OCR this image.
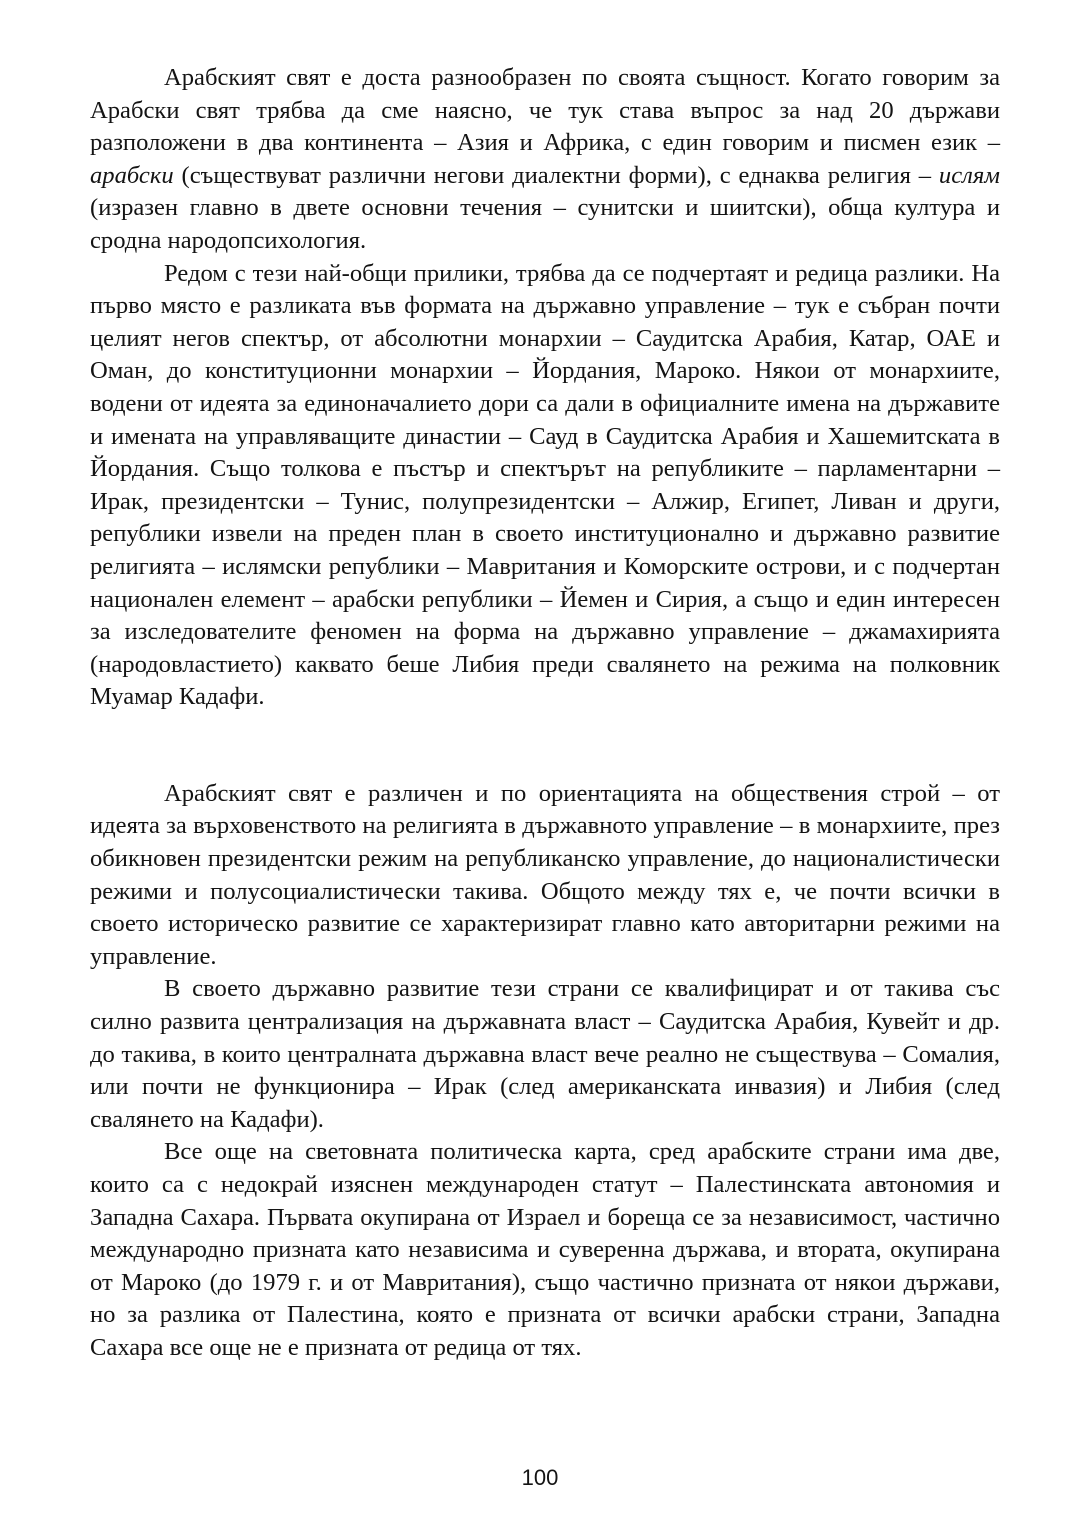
Арабският свят е доста разнообразен по своята същност. Когато говорим за Арабски свят трябва да сме наясно, че тук става въпрос за над 20 държави разположени в два континента – Азия и Африка, с един говорим и писмен език – арабски (съществуват различни негови диалектни форми), с еднаква религия – ислям (изразен главно в двете основни течения – сунитски и шиитски), обща култура и сродна народопсихология.

Редом с тези най-общи прилики, трябва да се подчертаят и редица разлики. На първо място е разликата във формата на държавно управление – тук е събран почти целият негов спектър, от абсолютни монархии – Саудитска Арабия, Катар, ОАЕ и Оман, до конституционни монархии – Йордания, Мароко. Някои от монархиите, водени от идеята за единоначалието дори са дали в официалните имена на държавите и имената на управляващите династии – Сауд в Саудитска Арабия и Хашемитската в Йордания. Също толкова е пъстър и спектърът на републиките – парламентарни – Ирак, президентски – Тунис, полупрезидентски – Алжир, Египет, Ливан и други, републики извели на преден план в своето институционално и държавно развитие религията – ислямски републики – Мавритания и Коморските острови, и с подчертан национален елемент – арабски републики – Йемен и Сирия, а също и един интересен за изследователите феномен на форма на държавно управление – джамахирията (народовластието) каквато беше Либия преди свалянето на режима на полковник Муамар Кадафи.

Арабският свят е различен и по ориентацията на обществения строй – от идеята за върховенството на религията в държавното управление – в монархиите, през обикновен президентски режим на републиканско управление, до националистически режими и полусоциалистически такива. Общото между тях е, че почти всички в своето историческо развитие се характеризират главно като авторитарни режими на управление.

В своето държавно развитие тези страни се квалифицират и от такива със силно развита централизация на държавната власт – Саудитска Арабия, Кувейт и др. до такива, в които централната държавна власт вече реално не съществува – Сомалия, или почти не функционира – Ирак (след американската инвазия) и Либия (след свалянето на Кадафи).

Все още на световната политическа карта, сред арабските страни има две, които са с недокрай изяснен международен статут – Палестинската автономия и Западна Сахара. Първата окупирана от Израел и бореща се за независимост, частично международно призната като независима и суверенна държава, и втората, окупирана от Мароко (до 1979 г. и от Мавритания), също частично призната от някои държави, но за разлика от Палестина, която е призната от всички арабски страни, Западна Сахара все още не е призната от редица от тях.

100
